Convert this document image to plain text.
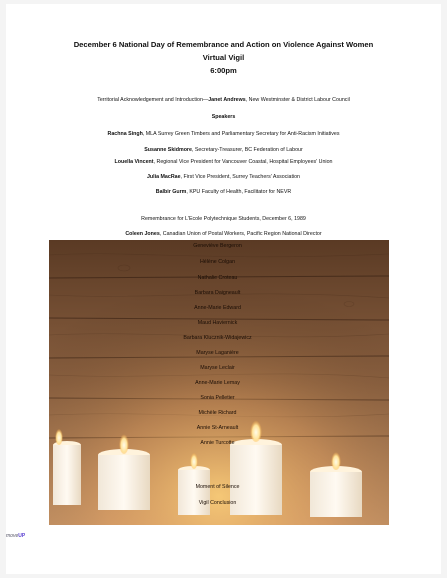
December 6 National Day of Remembrance and Action on Violence Against Women
Virtual Vigil
6:00pm
Territorial Acknowledgement and Introduction—Janet Andrews, New Westminster & District Labour Council
Speakers
Rachna Singh, MLA Surrey Green Timbers and Parliamentary Secretary for Anti-Racism Initiatives
Susanne Skidmore, Secretary-Treasurer, BC Federation of Labour
Louella Vincent, Regional Vice President for Vancouver Coastal, Hospital Employees' Union
Julia MacRae, First Vice President, Surrey Teachers' Association
Balbir Gurm, KPU Faculty of Health, Facilitator for NEVR
Remembrance for L'Ecole Polytechnique Students, December 6, 1989
Coleen Jones, Canadian Union of Postal Workers, Pacific Region National Director
Geneviève Bergeron
Hélène Colgan
Nathalie Croteau
Barbara Daigneault
Anne-Marie Edward
Maud Haviernick
Barbara Klucznik-Widajewicz
Maryse Laganière
Maryse Leclair
Anne-Marie Lemay
Sonia Pelletier
Michèle Richard
Annie St-Arneault
Annie Turcotte
Moment of Silence
Vigil Conclusion
moveUP
